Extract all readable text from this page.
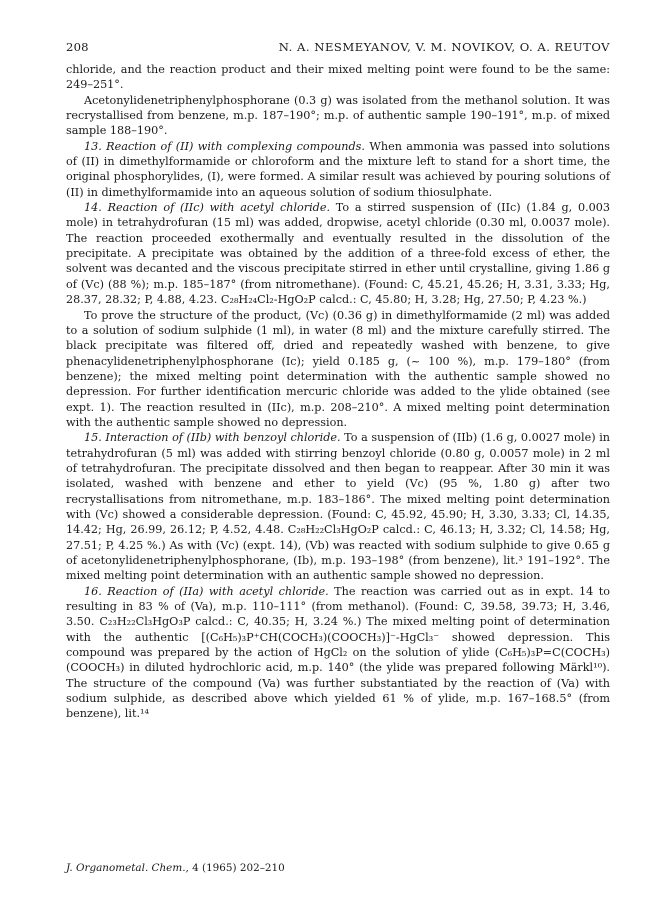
208	N. A. NESMEYANOV, V. M. NOVIKOV, O. A. REUTOV

chloride, and the reaction product and their mixed melting point were found to be the same: 249–251°.

Acetonylidenetriphenylphosphorane (0.3 g) was isolated from the methanol solution. It was recrystallised from benzene, m.p. 187–190°; m.p. of authentic sample 190–191°, m.p. of mixed sample 188–190°.

13. Reaction of (II) with complexing compounds. When ammonia was passed into solutions of (II) in dimethylformamide or chloroform and the mixture left to stand for a short time, the original phosphorylides, (I), were formed. A similar result was achieved by pouring solutions of (II) in dimethylformamide into an aqueous solution of sodium thiosulphate.

14. Reaction of (IIc) with acetyl chloride. To a stirred suspension of (IIc) (1.84 g, 0.003 mole) in tetrahydrofuran (15 ml) was added, dropwise, acetyl chloride (0.30 ml, 0.0037 mole). The reaction proceeded exothermally and eventually resulted in the dissolution of the precipitate. A precipitate was obtained by the addition of a three-fold excess of ether, the solvent was decanted and the viscous precipitate stirred in ether until crystalline, giving 1.86 g of (Vc) (88 %); m.p. 185–187° (from nitromethane). (Found: C, 45.21, 45.26; H, 3.31, 3.33; Hg, 28.37, 28.32; P, 4.88, 4.23. C₂₈H₂₄Cl₂-HgO₂P calcd.: C, 45.80; H, 3.28; Hg, 27.50; P, 4.23 %.)

To prove the structure of the product, (Vc) (0.36 g) in dimethylformamide (2 ml) was added to a solution of sodium sulphide (1 ml), in water (8 ml) and the mixture carefully stirred. The black precipitate was filtered off, dried and repeatedly washed with benzene, to give phenacylidenetriphenylphosphorane (Ic); yield 0.185 g, (~ 100 %), m.p. 179–180° (from benzene); the mixed melting point determination with the authentic sample showed no depression. For further identification mercuric chloride was added to the ylide obtained (see expt. 1). The reaction resulted in (IIc), m.p. 208–210°. A mixed melting point determination with the authentic sample showed no depression.

15. Interaction of (IIb) with benzoyl chloride. To a suspension of (IIb) (1.6 g, 0.0027 mole) in tetrahydrofuran (5 ml) was added with stirring benzoyl chloride (0.80 g, 0.0057 mole) in 2 ml of tetrahydrofuran. The precipitate dissolved and then began to reappear. After 30 min it was isolated, washed with benzene and ether to yield (Vc) (95 %, 1.80 g) after two recrystallisations from nitromethane, m.p. 183–186°. The mixed melting point determination with (Vc) showed a considerable depression. (Found: C, 45.92, 45.90; H, 3.30, 3.33; Cl, 14.35, 14.42; Hg, 26.99, 26.12; P, 4.52, 4.48. C₂₈H₂₂Cl₃HgO₂P calcd.: C, 46.13; H, 3.32; Cl, 14.58; Hg, 27.51; P, 4.25 %.) As with (Vc) (expt. 14), (Vb) was reacted with sodium sulphide to give 0.65 g of acetonylidenetriphenylphosphorane, (Ib), m.p. 193–198° (from benzene), lit.³ 191–192°. The mixed melting point determination with an authentic sample showed no depression.

16. Reaction of (IIa) with acetyl chloride. The reaction was carried out as in expt. 14 to resulting in 83 % of (Va), m.p. 110–111° (from methanol). (Found: C, 39.58, 39.73; H, 3.46, 3.50. C₂₃H₂₂Cl₃HgO₃P calcd.: C, 40.35; H, 3.24 %.) The mixed melting point of determination with the authentic [(C₆H₅)₃P⁺CH(COCH₃)(COOCH₃)]⁻-HgCl₃⁻ showed depression. This compound was prepared by the action of HgCl₂ on the solution of ylide (C₆H₅)₃P=C(COCH₃)(COOCH₃) in diluted hydrochloric acid, m.p. 140° (the ylide was prepared following Märkl¹⁰). The structure of the compound (Va) was further substantiated by the reaction of (Va) with sodium sulphide, as described above which yielded 61 % of ylide, m.p. 167–168.5° (from benzene), lit.¹⁴

J. Organometal. Chem., 4 (1965) 202–210
